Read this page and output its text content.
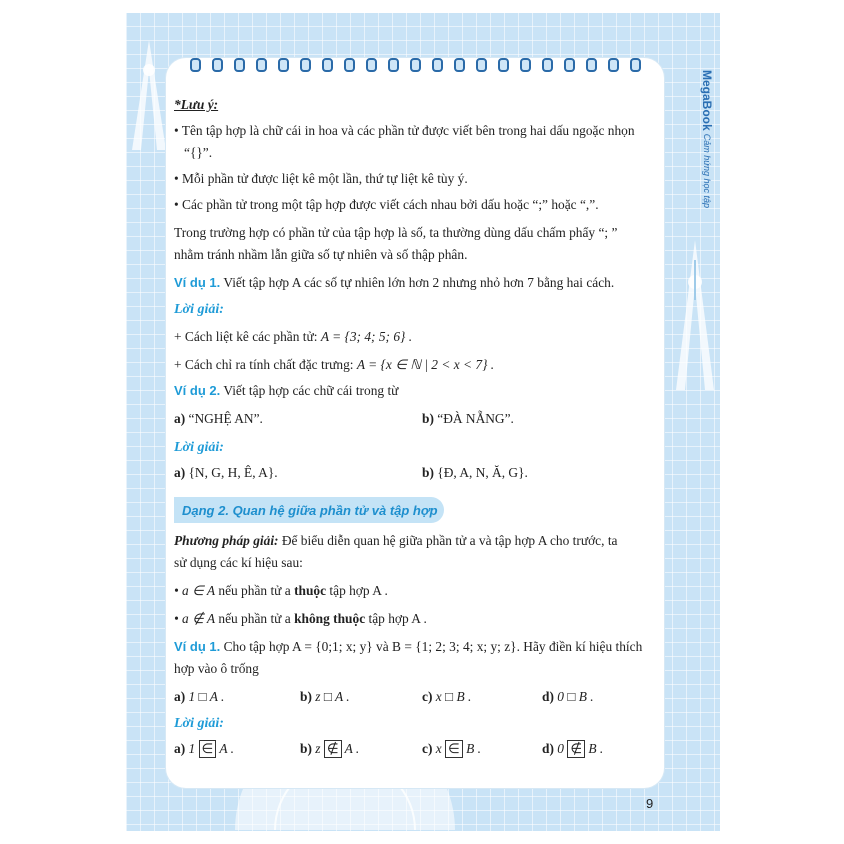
MegaBook Cảm hứng học tập
*Lưu ý:
• Tên tập hợp là chữ cái in hoa và các phần tử được viết bên trong hai dấu ngoặc nhọn
“{}”.
• Mỗi phần tử được liệt kê một lần, thứ tự liệt kê tùy ý.
• Các phần tử trong một tập hợp được viết cách nhau bởi dấu hoặc “;” hoặc “,”.
Trong trường hợp có phần tử của tập hợp là số, ta thường dùng dấu chấm phẩy “; ”
nhằm tránh nhầm lẫn giữa số tự nhiên và số thập phân.
Ví dụ 1. Viết tập hợp A các số tự nhiên lớn hơn 2 nhưng nhỏ hơn 7 bằng hai cách.
Lời giải:
+ Cách liệt kê các phần tử: A = {3; 4; 5; 6} .
+ Cách chỉ ra tính chất đặc trưng: A = {x ∈ ℕ | 2 < x < 7} .
Ví dụ 2. Viết tập hợp các chữ cái trong từ
a) “NGHỆ AN”.	b) “ĐÀ NẴNG”.
Lời giải:
a) {N, G, H, Ê, A}.	b) {Đ, A, N, Ă, G}.
Dạng 2. Quan hệ giữa phần tử và tập hợp
Phương pháp giải: Để biểu diễn quan hệ giữa phần tử a và tập hợp A cho trước, ta
sử dụng các kí hiệu sau:
• a ∈ A nếu phần tử a thuộc tập hợp A .
• a ∉ A nếu phần tử a không thuộc tập hợp A .
Ví dụ 1. Cho tập hợp A = {0;1; x; y} và B = {1; 2; 3; 4; x; y; z}. Hãy điền kí hiệu thích
hợp vào ô trống
a) 1 □ A .	b) z □ A .	c) x □ B .	d) 0 □ B .
Lời giải:
a) 1 ∈ A .	b) z ∉ A .	c) x ∈ B .	d) 0 ∉ B .
9
